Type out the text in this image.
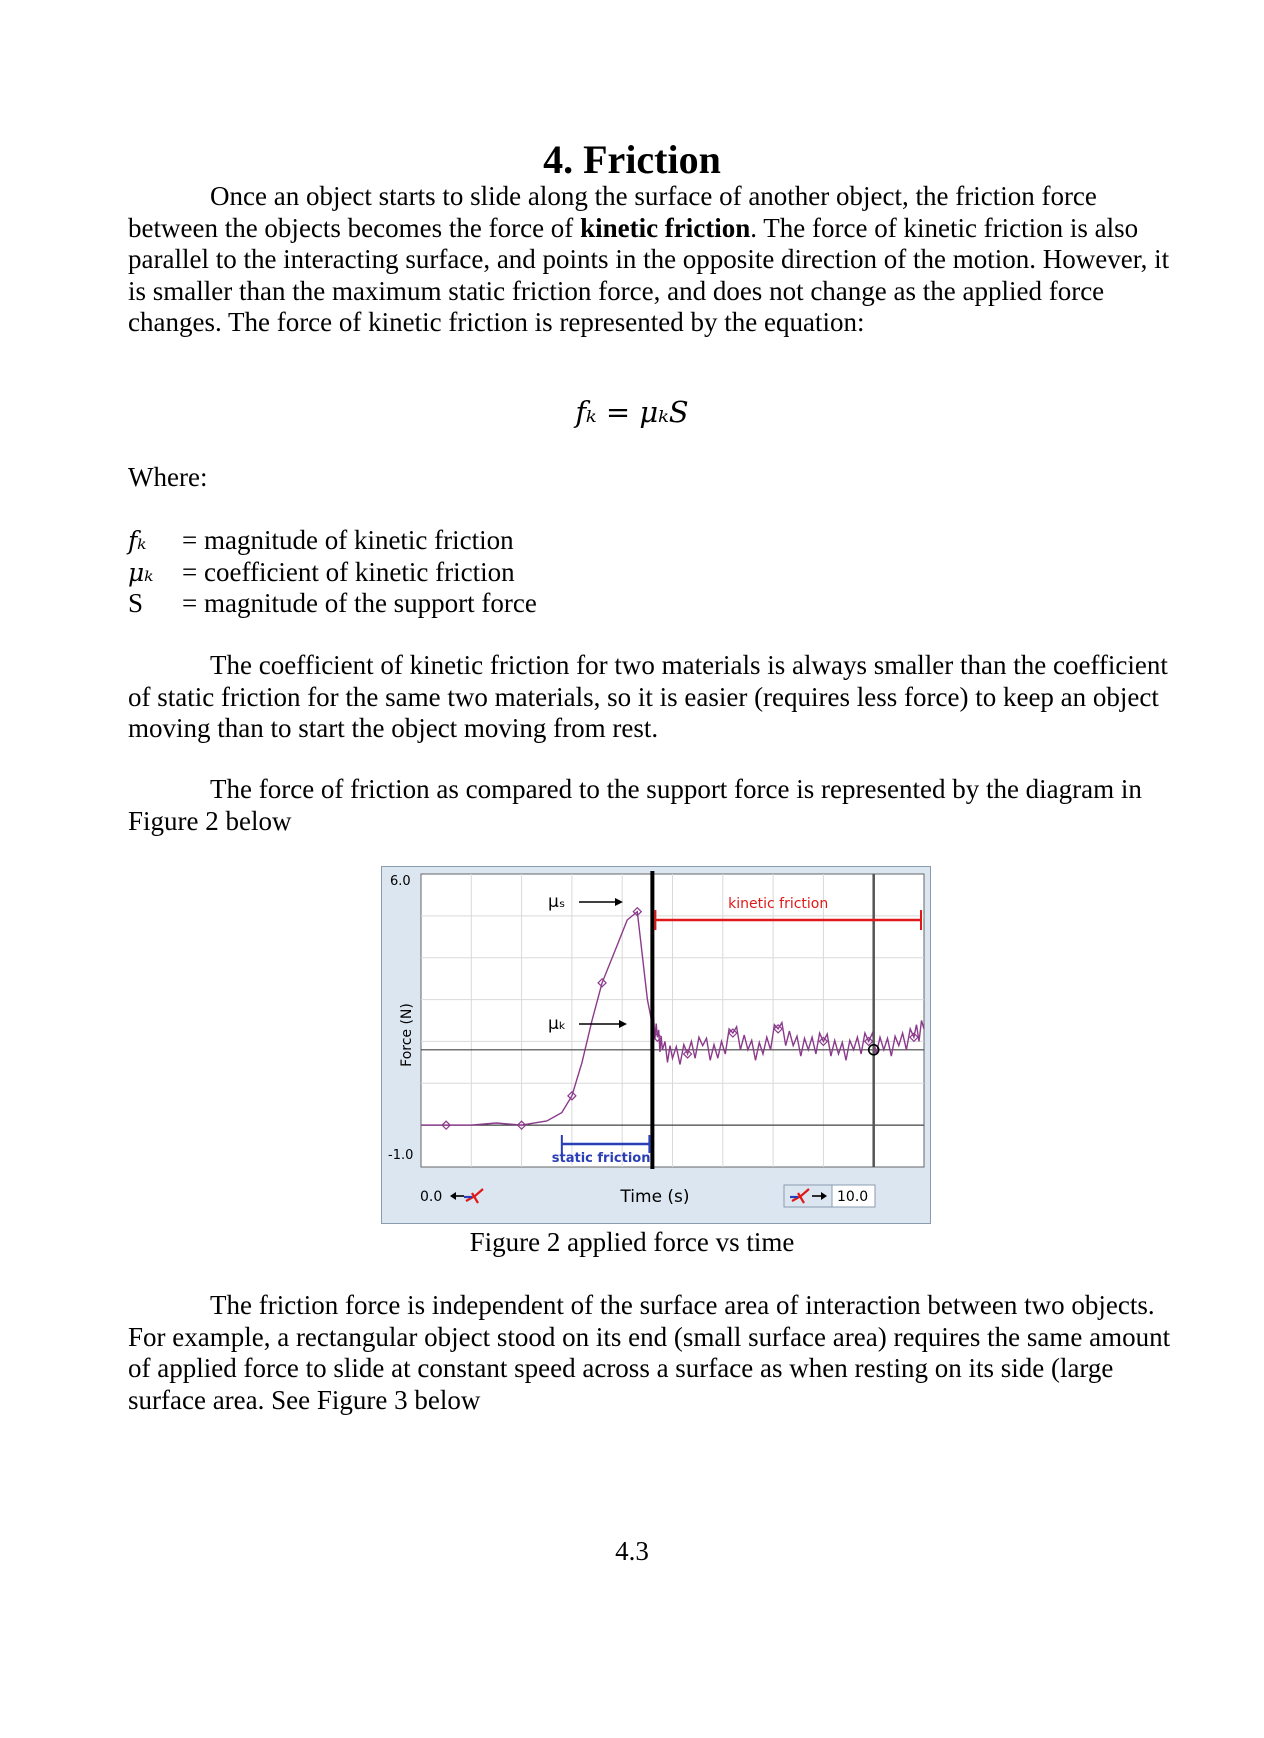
4. Friction

Once an object starts to slide along the surface of another object, the friction force between the objects becomes the force of kinetic friction. The force of kinetic friction is also parallel to the interacting surface, and points in the opposite direction of the motion. However, it is smaller than the maximum static friction force, and does not change as the applied force changes. The force of kinetic friction is represented by the equation:

fₖ = μₖS
Where:
fₖ = magnitude of kinetic friction
μₖ = coefficient of kinetic friction
S = magnitude of the support force

The coefficient of kinetic friction for two materials is always smaller than the coefficient of static friction for the same two materials, so it is easier (requires less force) to keep an object moving than to start the object moving from rest.

The force of friction as compared to the support force is represented by the diagram in Figure 2 below

kinetic friction
static friction
μₛ
μₖ
6.0
-1.0
Force (N)
0.0	Time (s)	10.0
Figure 2 applied force vs time

The friction force is independent of the surface area of interaction between two objects. For example, a rectangular object stood on its end (small surface area) requires the same amount of applied force to slide at constant speed across a surface as when resting on its side (large surface area. See Figure 3 below

4.3
